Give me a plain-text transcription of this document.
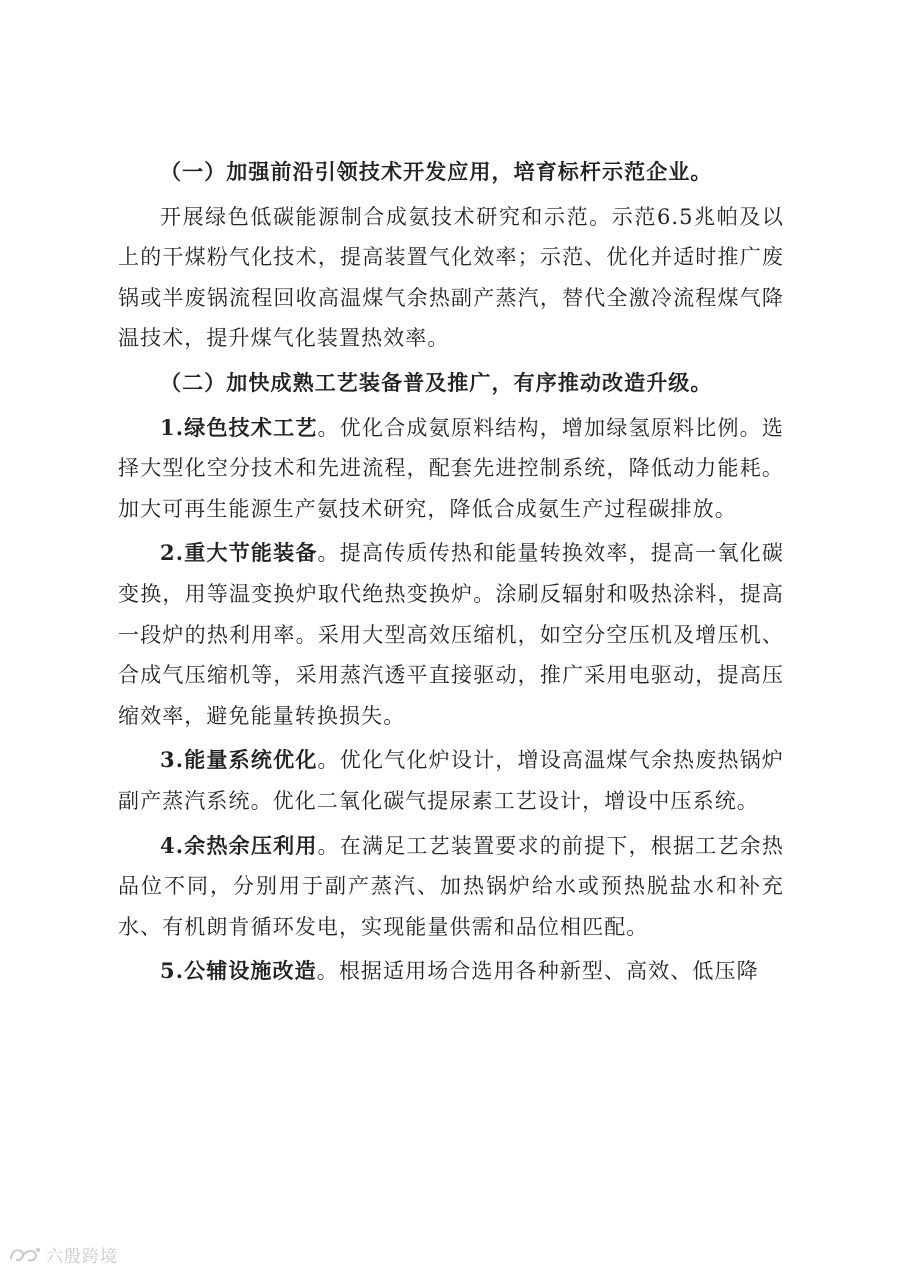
（一）加强前沿引领技术开发应用，培育标杆示范企业。

开展绿色低碳能源制合成氨技术研究和示范。示范6.5兆帕及以上的干煤粉气化技术，提高装置气化效率；示范、优化并适时推广废锅或半废锅流程回收高温煤气余热副产蒸汽，替代全激冷流程煤气降温技术，提升煤气化装置热效率。

（二）加快成熟工艺装备普及推广，有序推动改造升级。

1.绿色技术工艺。优化合成氨原料结构，增加绿氢原料比例。选择大型化空分技术和先进流程，配套先进控制系统，降低动力能耗。加大可再生能源生产氨技术研究，降低合成氨生产过程碳排放。

2.重大节能装备。提高传质传热和能量转换效率，提高一氧化碳变换，用等温变换炉取代绝热变换炉。涂刷反辐射和吸热涂料，提高一段炉的热利用率。采用大型高效压缩机，如空分空压机及增压机、合成气压缩机等，采用蒸汽透平直接驱动，推广采用电驱动，提高压缩效率，避免能量转换损失。

3.能量系统优化。优化气化炉设计，增设高温煤气余热废热锅炉副产蒸汽系统。优化二氧化碳气提尿素工艺设计，增设中压系统。

4.余热余压利用。在满足工艺装置要求的前提下，根据工艺余热品位不同，分别用于副产蒸汽、加热锅炉给水或预热脱盐水和补充水、有机朗肯循环发电，实现能量供需和品位相匹配。

5.公辅设施改造。根据适用场合选用各种新型、高效、低压降

六殷跨境
